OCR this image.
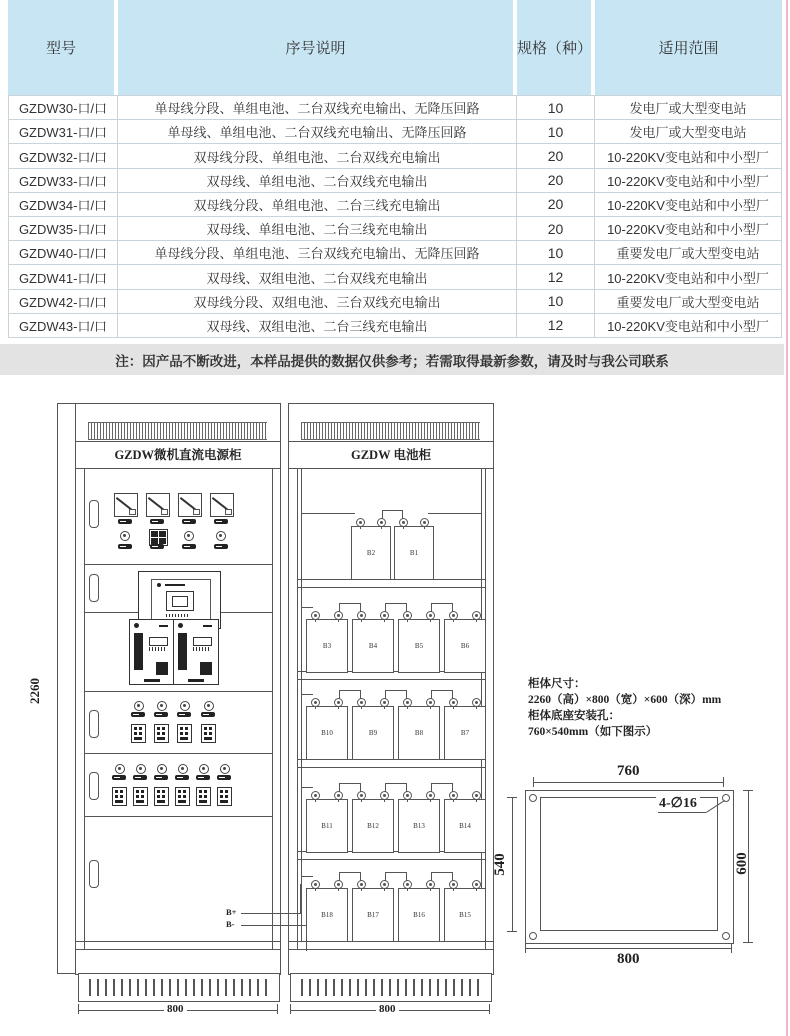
型号	序号说明	规格（种）	适用范围
GZDW30-口/口	单母线分段、单组电池、二台双线充电输出、无降压回路	10	发电厂或大型变电站
GZDW31-口/口	单母线、单组电池、二台双线充电输出、无降压回路	10	发电厂或大型变电站
GZDW32-口/口	双母线分段、单组电池、二台双线充电输出	20	10-220KV变电站和中小型厂
GZDW33-口/口	双母线、单组电池、二台双线充电输出	20	10-220KV变电站和中小型厂
GZDW34-口/口	双母线分段、单组电池、二台三线充电输出	20	10-220KV变电站和中小型厂
GZDW35-口/口	双母线、单组电池、二台三线充电输出	20	10-220KV变电站和中小型厂
GZDW40-口/口	单母线分段、单组电池、三台双线充电输出、无降压回路	10	重要发电厂或大型变电站
GZDW41-口/口	双母线、双组电池、二台双线充电输出	12	10-220KV变电站和中小型厂
GZDW42-口/口	双母线分段、双组电池、三台双线充电输出	10	重要发电厂或大型变电站
GZDW43-口/口	双母线、双组电池、二台三线充电输出	12	10-220KV变电站和中小型厂
注：因产品不断改进，本样品提供的数据仅供参考；若需取得最新参数，请及时与我公司联系
2260
GZDW微机直流电源柜
800
GZDW 电池柜
B2	B1
B3	B4	B5	B6
B10	B9	B8	B7
B11	B12	B13	B14
B18	B17	B16	B15
800
B+
B-
柜体尺寸：
2260（高）×800（宽）×600（深）mm
柜体底座安装孔：
760×540mm（如下图示）
760
4-∅16
540	600
800
